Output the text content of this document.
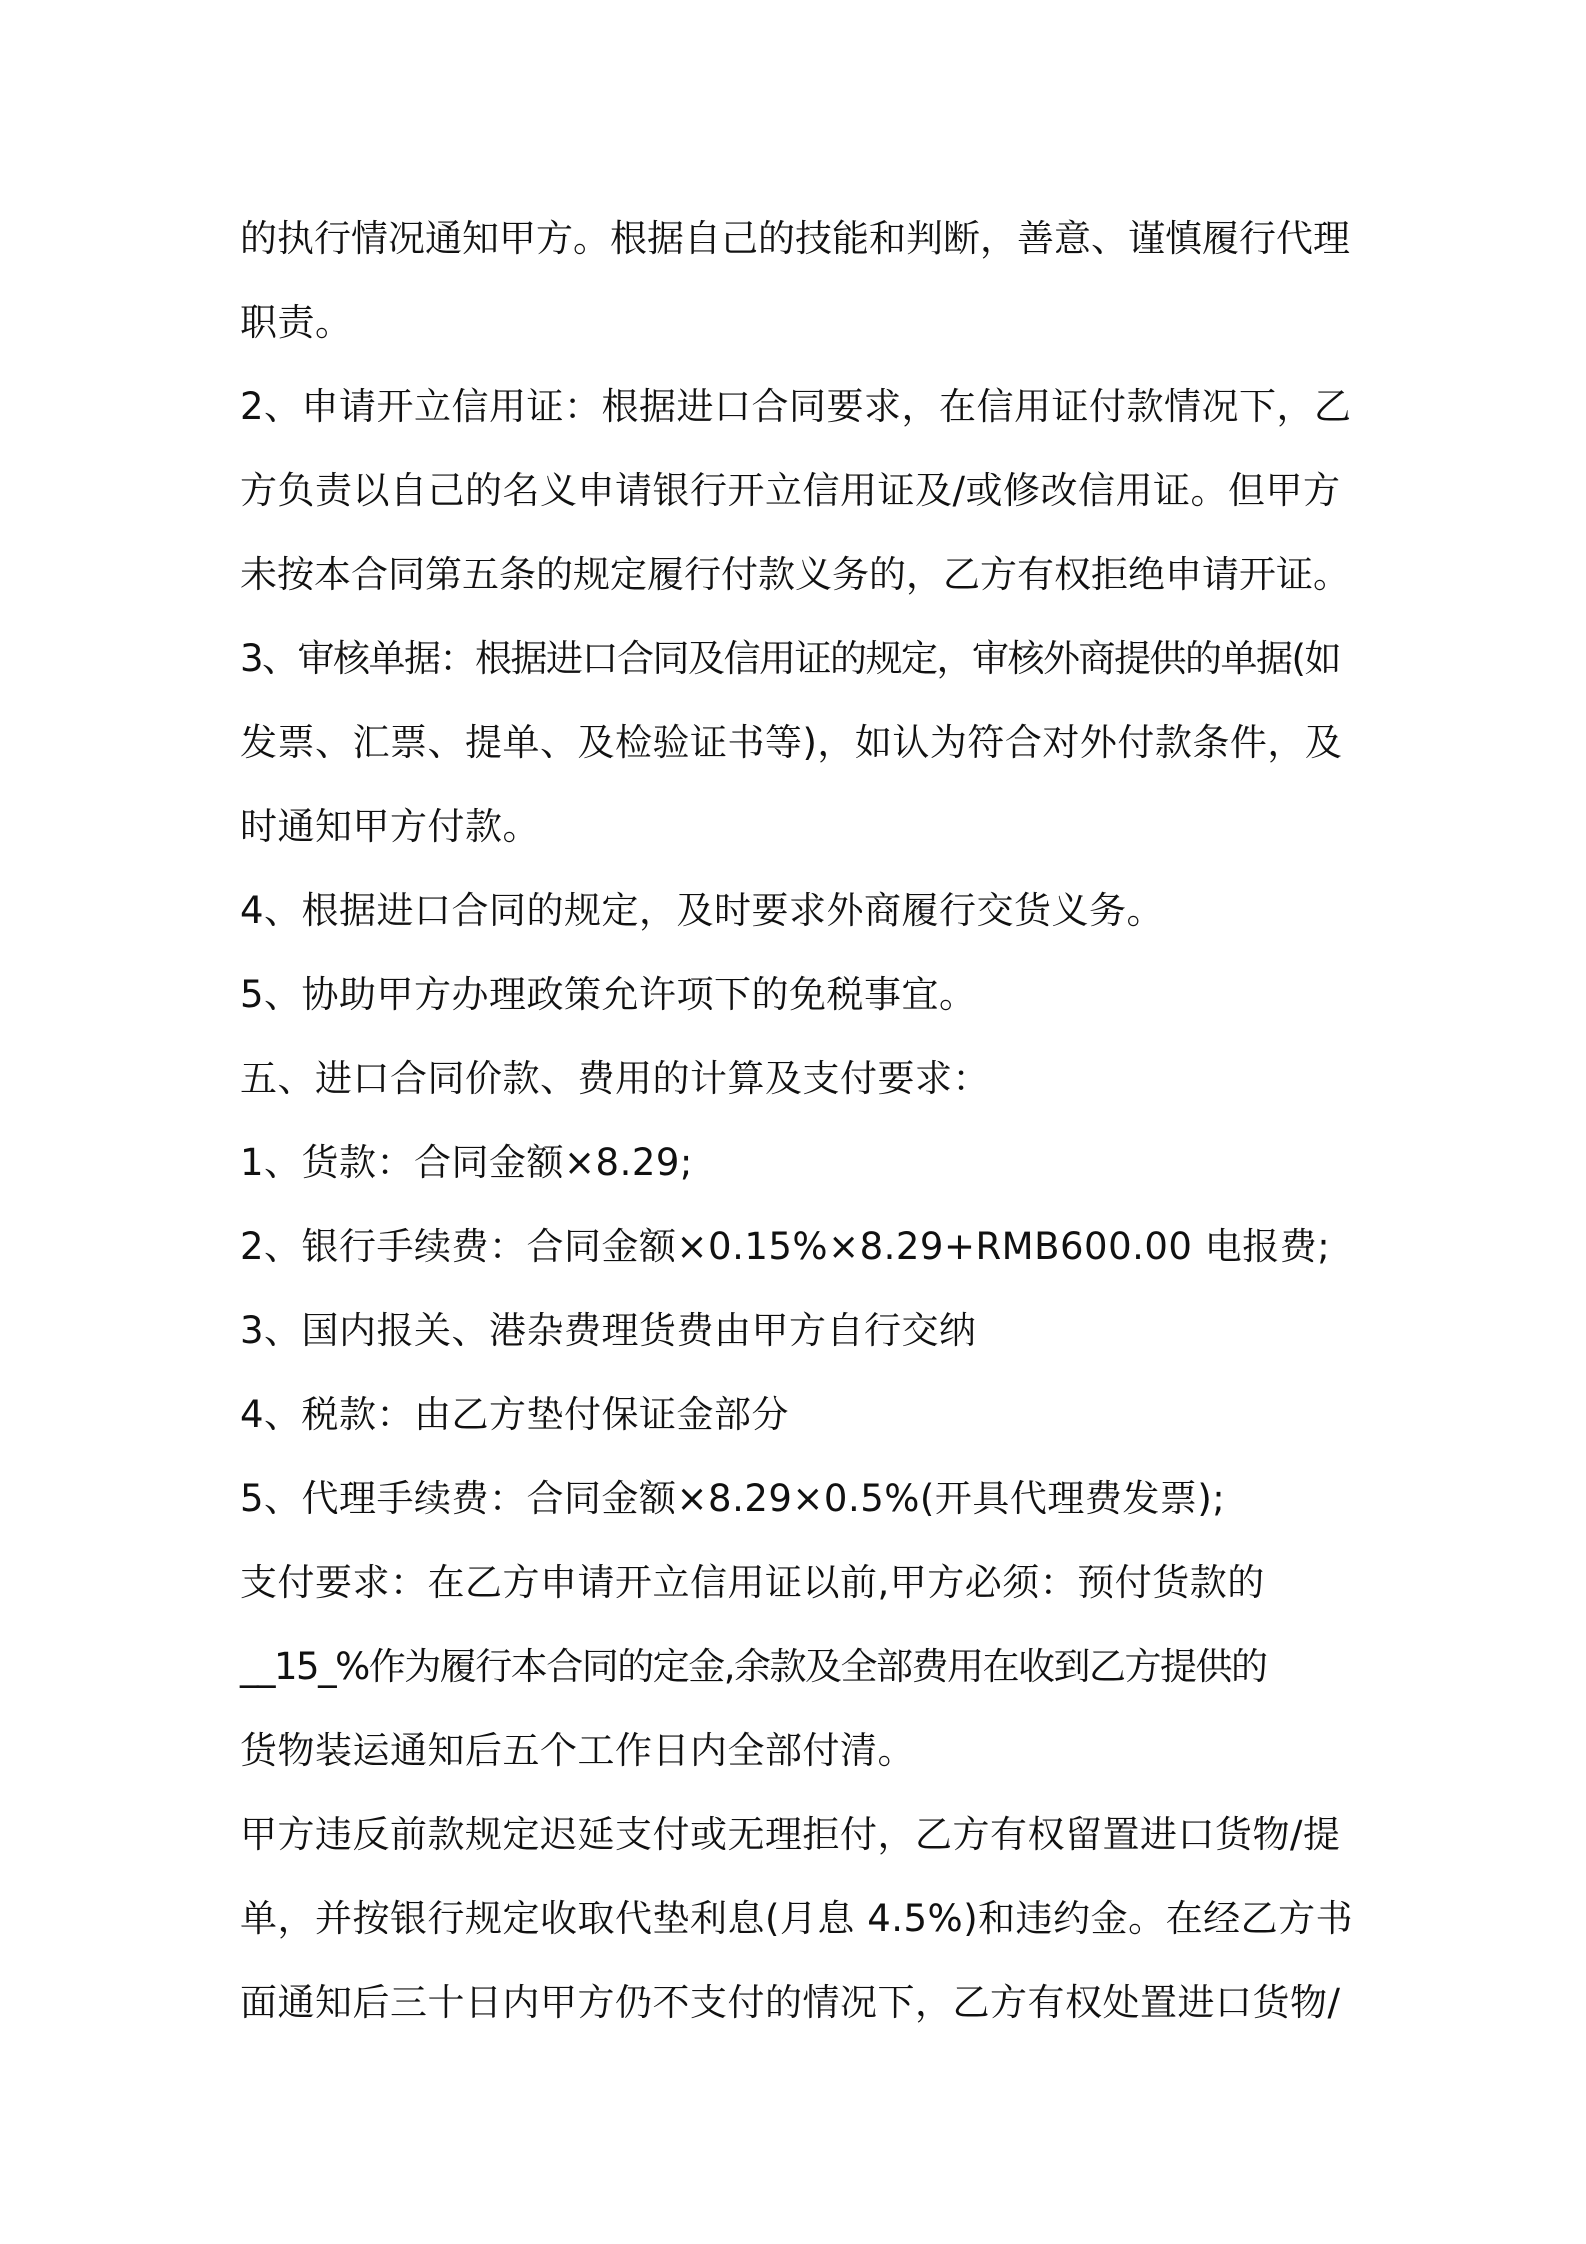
的执行情况通知甲方。根据自己的技能和判断，善意、谨慎履行代理
职责。
2、申请开立信用证：根据进口合同要求，在信用证付款情况下，乙
方负责以自己的名义申请银行开立信用证及/或修改信用证。但甲方
未按本合同第五条的规定履行付款义务的，乙方有权拒绝申请开证。
3、审核单据：根据进口合同及信用证的规定，审核外商提供的单据(如
发票、汇票、提单、及检验证书等)，如认为符合对外付款条件，及
时通知甲方付款。
4、根据进口合同的规定，及时要求外商履行交货义务。
5、协助甲方办理政策允许项下的免税事宜。
五、进口合同价款、费用的计算及支付要求：
1、货款：合同金额×8.29;
2、银行手续费：合同金额×0.15%×8.29+RMB600.00 电报费;
3、国内报关、港杂费理货费由甲方自行交纳
4、税款：由乙方垫付保证金部分
5、代理手续费：合同金额×8.29×0.5%(开具代理费发票);
支付要求：在乙方申请开立信用证以前,甲方必须：预付货款的
__15_%作为履行本合同的定金,余款及全部费用在收到乙方提供的
货物装运通知后五个工作日内全部付清。
甲方违反前款规定迟延支付或无理拒付，乙方有权留置进口货物/提
单，并按银行规定收取代垫利息(月息 4.5%)和违约金。在经乙方书
面通知后三十日内甲方仍不支付的情况下，乙方有权处置进口货物/
